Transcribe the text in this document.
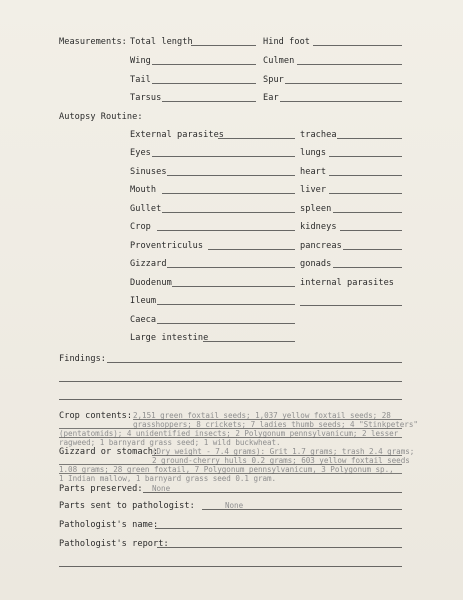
Measurements: Total length	Hind foot
Wing	Culmen
Tail	Spur
Tarsus	Ear
Autopsy Routine:
External parasites	trachea
Eyes	lungs
Sinuses	heart
Mouth	liver
Gullet	spleen
Crop	kidneys
Proventriculus	pancreas
Gizzard	gonads
Duodenum	internal parasites
Ileum
Caeca
Large intestine
Findings:
Crop contents: 2,151 green foxtail seeds; 1,037 yellow foxtail seeds; 28
grasshoppers; 8 crickets; 7 ladies thumb seeds; 4 "Stinkpeters"
(pentatomids); 4 unidentified insects; 2 Polygonum pennsylvanicum; 2 lesser
ragweed; 1 barnyard grass seed; 1 wild buckwheat.
Gizzard or stomach:
(Dry weight - 7.4 grams): Grit 1.7 grams; trash 2.4 grams;
2 ground-cherry hulls 0.2 grams; 603 yellow foxtail seeds
1.08 grams; 28 green foxtail, 7 Polygonum pennsylvanicum, 3 Polygonum sp.,
1 Indian mallow, 1 barnyard grass seed 0.1 gram.
Parts preserved: None
Parts sent to pathologist:	None
Pathologist's name:
Pathologist's report:
